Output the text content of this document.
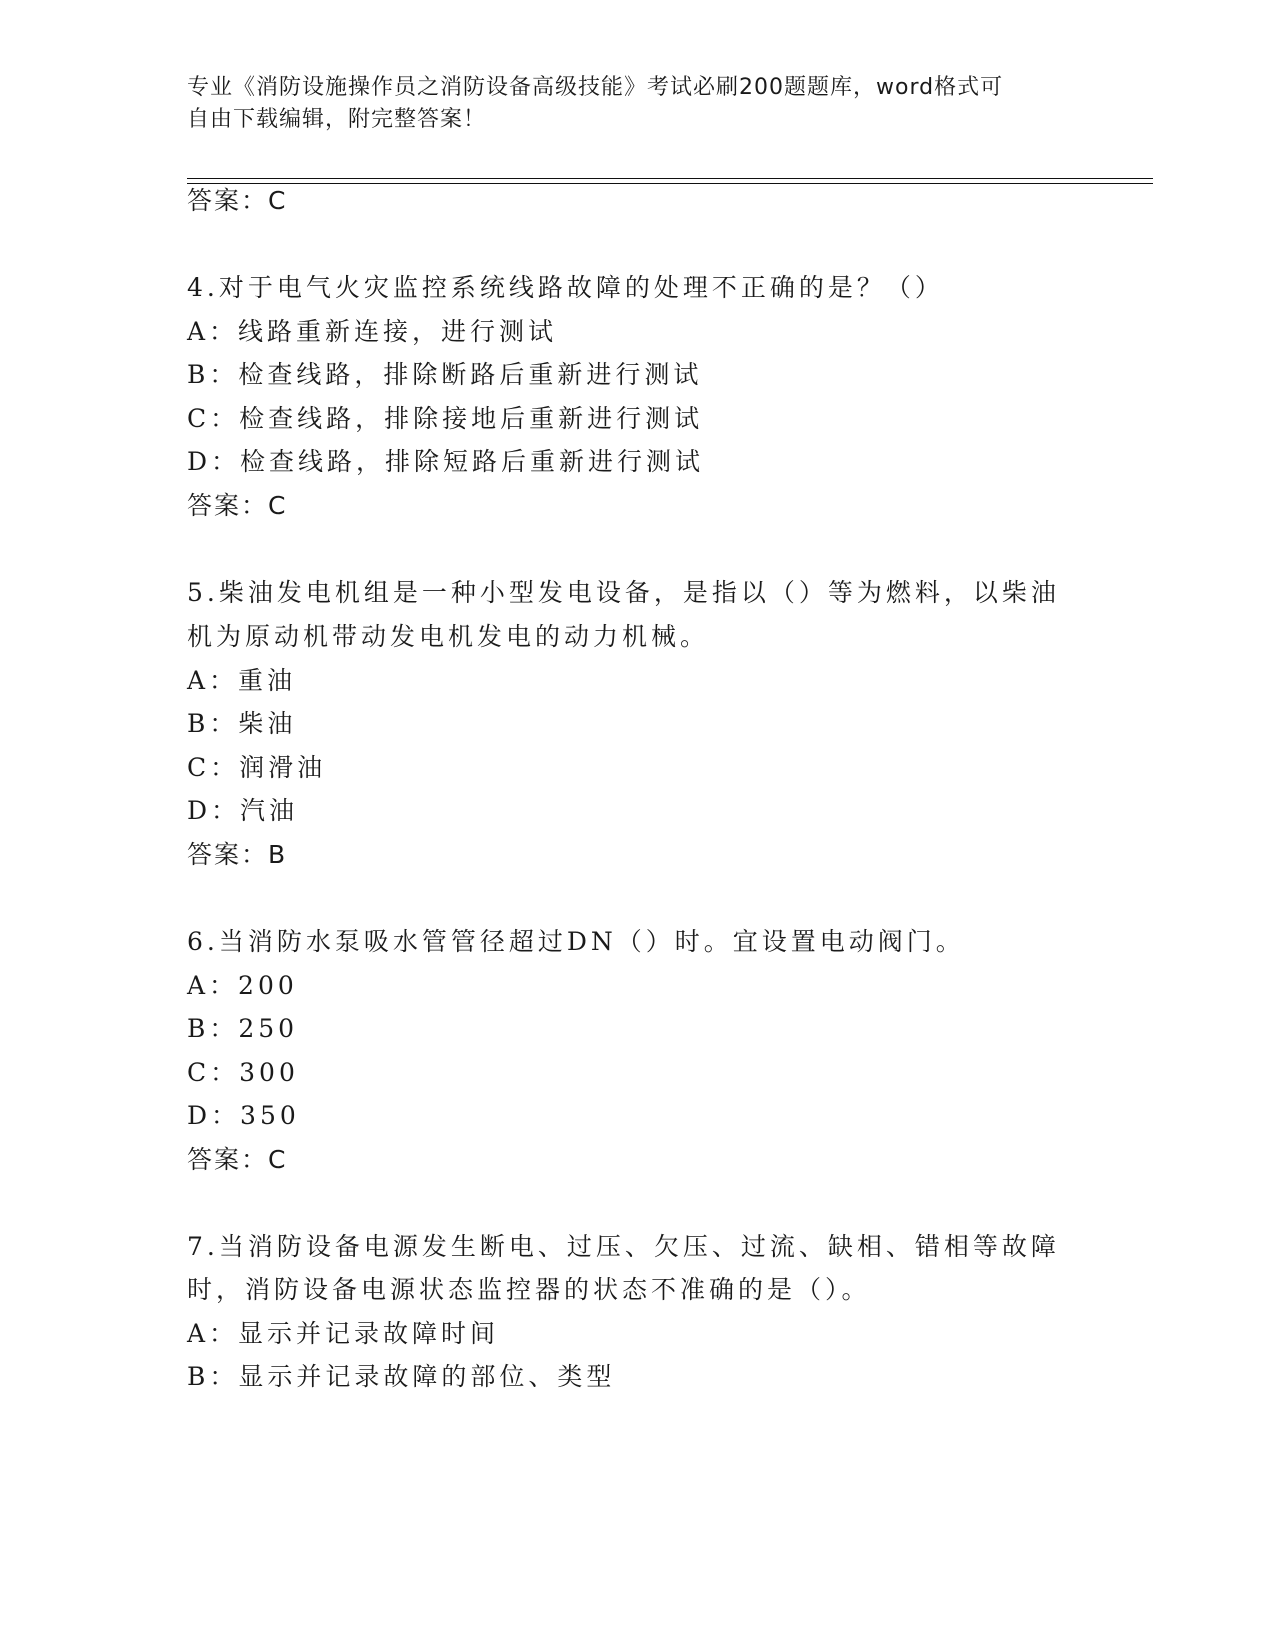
专业《消防设施操作员之消防设备高级技能》考试必刷200题题库，word格式可
自由下载编辑，附完整答案！
答案：C
4.对于电气火灾监控系统线路故障的处理不正确的是？（）
A：线路重新连接，进行测试
B：检查线路，排除断路后重新进行测试
C：检查线路，排除接地后重新进行测试
D：检查线路，排除短路后重新进行测试
答案：C
5.柴油发电机组是一种小型发电设备，是指以（）等为燃料，以柴油
机为原动机带动发电机发电的动力机械。
A：重油
B：柴油
C：润滑油
D：汽油
答案：B
6.当消防水泵吸水管管径超过DN（）时。宜设置电动阀门。
A：200
B：250
C：300
D：350
答案：C
7.当消防设备电源发生断电、过压、欠压、过流、缺相、错相等故障
时，消防设备电源状态监控器的状态不准确的是（）。
A：显示并记录故障时间
B：显示并记录故障的部位、类型
